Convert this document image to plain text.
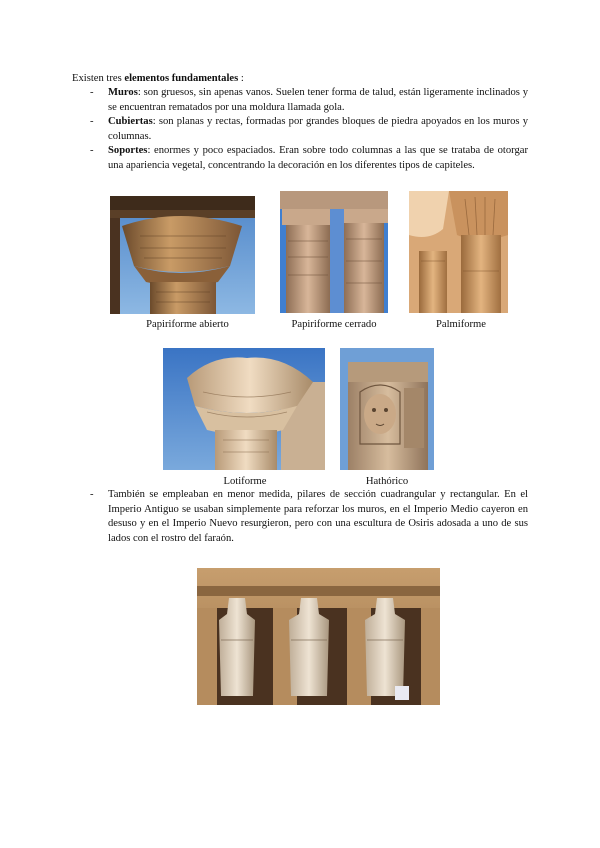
Existen tres elementos fundamentales :
- Muros: son gruesos, sin apenas vanos. Suelen tener forma de talud, están ligeramente inclinados y se encuentran rematados por una moldura llamada gola.
- Cubiertas: son planas y rectas, formadas por grandes bloques de piedra apoyados en los muros y columnas.
- Soportes: enormes y poco espaciados. Eran sobre todo columnas a las que se trataba de otorgar una apariencia vegetal, concentrando la decoración en los diferentes tipos de capiteles.
Papiriforme abierto	Papiriforme cerrado	Palmiforme
Lotiforme	Hathórico
- También se empleaban en menor medida, pilares de sección cuadrangular y rectangular. En el Imperio Antiguo se usaban simplemente para reforzar los muros, en el Imperio Medio cayeron en desuso y en el Imperio Nuevo resurgieron, pero con una escultura de Osiris adosada a uno de sus lados con el rostro del faraón.
